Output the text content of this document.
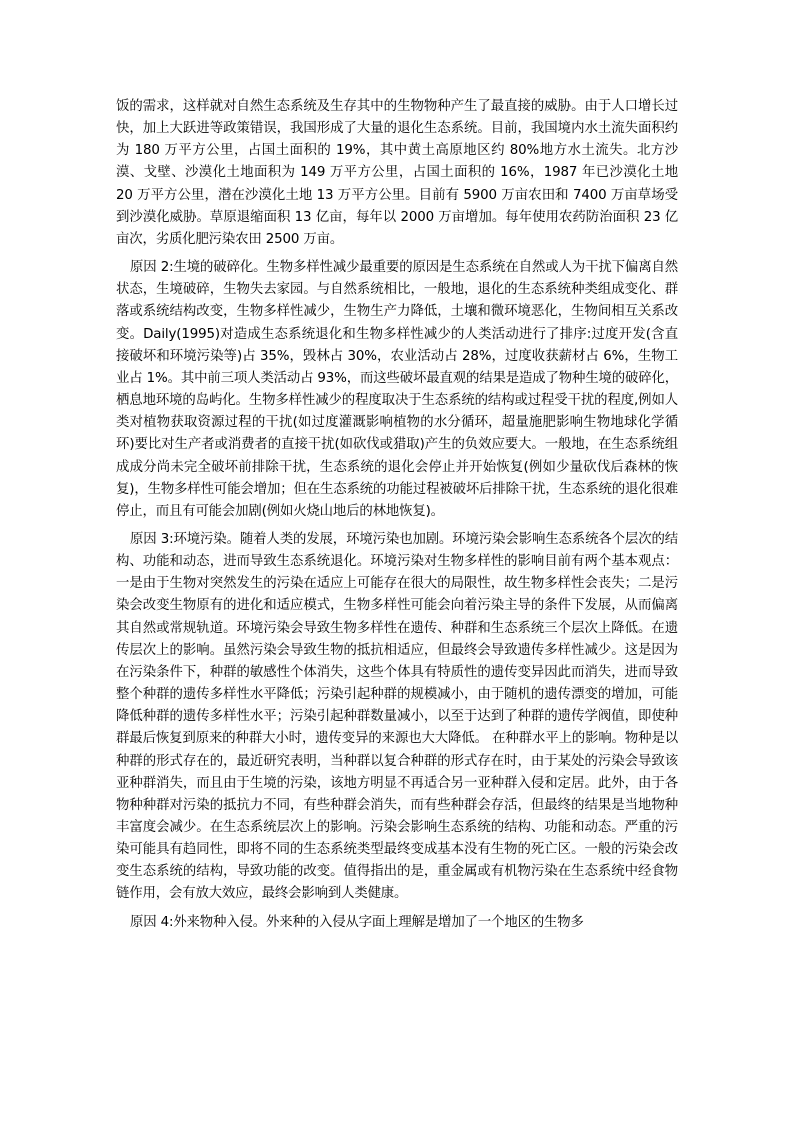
饭的需求，这样就对自然生态系统及生存其中的生物物种产生了最直接的威胁。由于人口增长过快，加上大跃进等政策错误，我国形成了大量的退化生态系统。目前，我国境内水土流失面积约为 180 万平方公里，占国土面积的 19%，其中黄土高原地区约 80%地方水土流失。北方沙漠、戈壁、沙漠化土地面积为 149 万平方公里，占国土面积的 16%，1987 年已沙漠化土地 20 万平方公里，潜在沙漠化土地 13 万平方公里。目前有 5900 万亩农田和 7400 万亩草场受到沙漠化威胁。草原退缩面积 13 亿亩，每年以 2000 万亩增加。每年使用农药防治面积 23 亿亩次，劣质化肥污染农田 2500 万亩。

原因 2:生境的破碎化。生物多样性减少最重要的原因是生态系统在自然或人为干扰下偏离自然状态，生境破碎，生物失去家园。与自然系统相比，一般地，退化的生态系统种类组成变化、群落或系统结构改变，生物多样性减少，生物生产力降低，土壤和微环境恶化，生物间相互关系改变。Daily(1995)对造成生态系统退化和生物多样性减少的人类活动进行了排序:过度开发(含直接破坏和环境污染等)占 35%，毁林占 30%，农业活动占 28%，过度收获薪材占 6%，生物工业占 1%。其中前三项人类活动占 93%，而这些破坏最直观的结果是造成了物种生境的破碎化，栖息地环境的岛屿化。生物多样性减少的程度取决于生态系统的结构或过程受干扰的程度,例如人类对植物获取资源过程的干扰(如过度灌溉影响植物的水分循环，超量施肥影响生物地球化学循环)要比对生产者或消费者的直接干扰(如砍伐或猎取)产生的负效应要大。一般地，在生态系统组成成分尚未完全破坏前排除干扰，生态系统的退化会停止并开始恢复(例如少量砍伐后森林的恢复)，生物多样性可能会增加；但在生态系统的功能过程被破坏后排除干扰，生态系统的退化很难停止，而且有可能会加剧(例如火烧山地后的林地恢复)。

原因 3:环境污染。随着人类的发展，环境污染也加剧。环境污染会影响生态系统各个层次的结构、功能和动态，进而导致生态系统退化。环境污染对生物多样性的影响目前有两个基本观点：一是由于生物对突然发生的污染在适应上可能存在很大的局限性，故生物多样性会丧失；二是污染会改变生物原有的进化和适应模式，生物多样性可能会向着污染主导的条件下发展，从而偏离其自然或常规轨道。环境污染会导致生物多样性在遗传、种群和生态系统三个层次上降低。在遗传层次上的影响。虽然污染会导致生物的抵抗相适应，但最终会导致遗传多样性减少。这是因为在污染条件下，种群的敏感性个体消失，这些个体具有特质性的遗传变异因此而消失，进而导致整个种群的遗传多样性水平降低；污染引起种群的规模减小，由于随机的遗传漂变的增加，可能降低种群的遗传多样性水平；污染引起种群数量减小，以至于达到了种群的遗传学阀值，即使种群最后恢复到原来的种群大小时，遗传变异的来源也大大降低。 在种群水平上的影响。物种是以种群的形式存在的，最近研究表明，当种群以复合种群的形式存在时，由于某处的污染会导致该亚种群消失，而且由于生境的污染，该地方明显不再适合另一亚种群入侵和定居。此外，由于各物种种群对污染的抵抗力不同，有些种群会消失，而有些种群会存活，但最终的结果是当地物种丰富度会减少。在生态系统层次上的影响。污染会影响生态系统的结构、功能和动态。严重的污染可能具有趋同性，即将不同的生态系统类型最终变成基本没有生物的死亡区。一般的污染会改变生态系统的结构，导致功能的改变。值得指出的是，重金属或有机物污染在生态系统中经食物链作用，会有放大效应，最终会影响到人类健康。

原因 4:外来物种入侵。外来种的入侵从字面上理解是增加了一个地区的生物多
